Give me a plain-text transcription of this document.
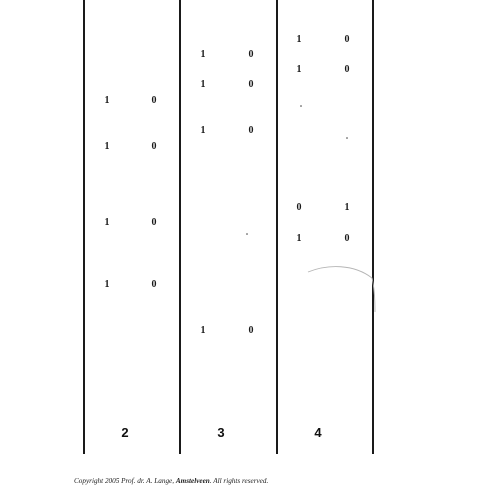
1	0
1	0
1	0
1	0
2
1	0
1	0
1	0
1	0
3
1	0
1	0
0	1
1	0
4
Copyright 2005 Prof. dr. A. Lange, Amstelveen. All rights reserved.
